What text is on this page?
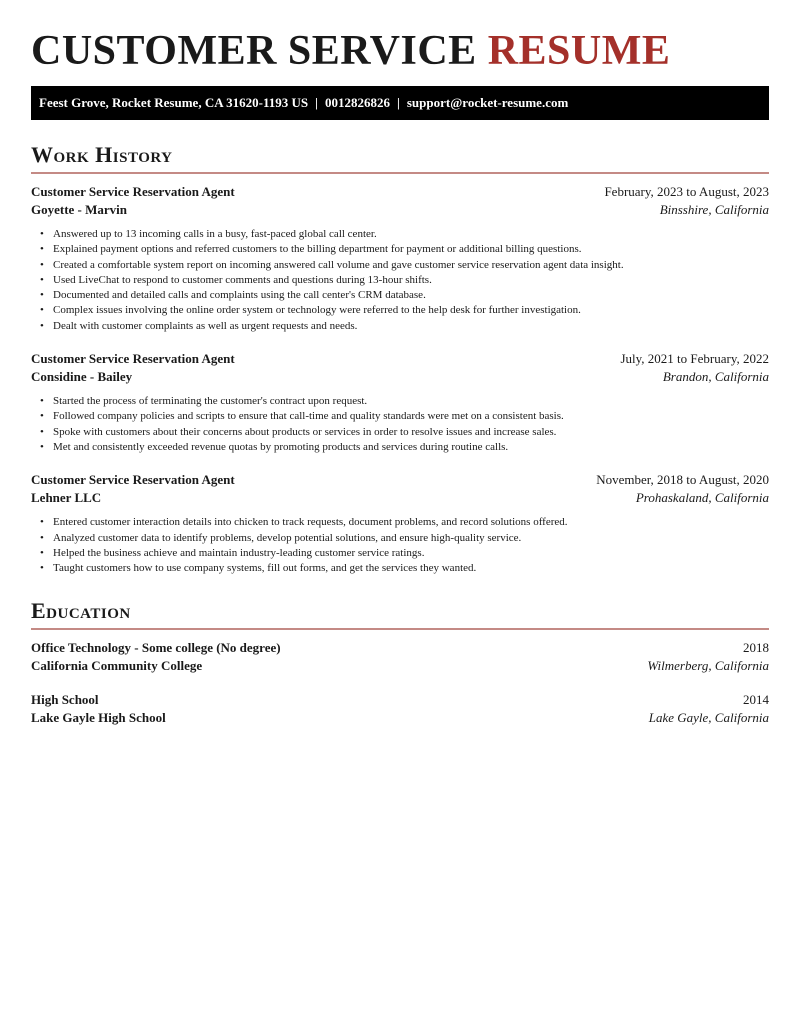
CUSTOMER SERVICE RESUME
Feest Grove, Rocket Resume, CA 31620-1193 US | 0012826826 | support@rocket-resume.com
Work History
Customer Service Reservation Agent	February, 2023 to August, 2023
Goyette - Marvin	Binsshire, California
• Answered up to 13 incoming calls in a busy, fast-paced global call center.
• Explained payment options and referred customers to the billing department for payment or additional billing questions.
• Created a comfortable system report on incoming answered call volume and gave customer service reservation agent data insight.
• Used LiveChat to respond to customer comments and questions during 13-hour shifts.
• Documented and detailed calls and complaints using the call center's CRM database.
• Complex issues involving the online order system or technology were referred to the help desk for further investigation.
• Dealt with customer complaints as well as urgent requests and needs.
Customer Service Reservation Agent	July, 2021 to February, 2022
Considine - Bailey	Brandon, California
• Started the process of terminating the customer's contract upon request.
• Followed company policies and scripts to ensure that call-time and quality standards were met on a consistent basis.
• Spoke with customers about their concerns about products or services in order to resolve issues and increase sales.
• Met and consistently exceeded revenue quotas by promoting products and services during routine calls.
Customer Service Reservation Agent	November, 2018 to August, 2020
Lehner LLC	Prohaskaland, California
• Entered customer interaction details into chicken to track requests, document problems, and record solutions offered.
• Analyzed customer data to identify problems, develop potential solutions, and ensure high-quality service.
• Helped the business achieve and maintain industry-leading customer service ratings.
• Taught customers how to use company systems, fill out forms, and get the services they wanted.
Education
Office Technology - Some college (No degree)	2018
California Community College	Wilmerberg, California
High School	2014
Lake Gayle High School	Lake Gayle, California
